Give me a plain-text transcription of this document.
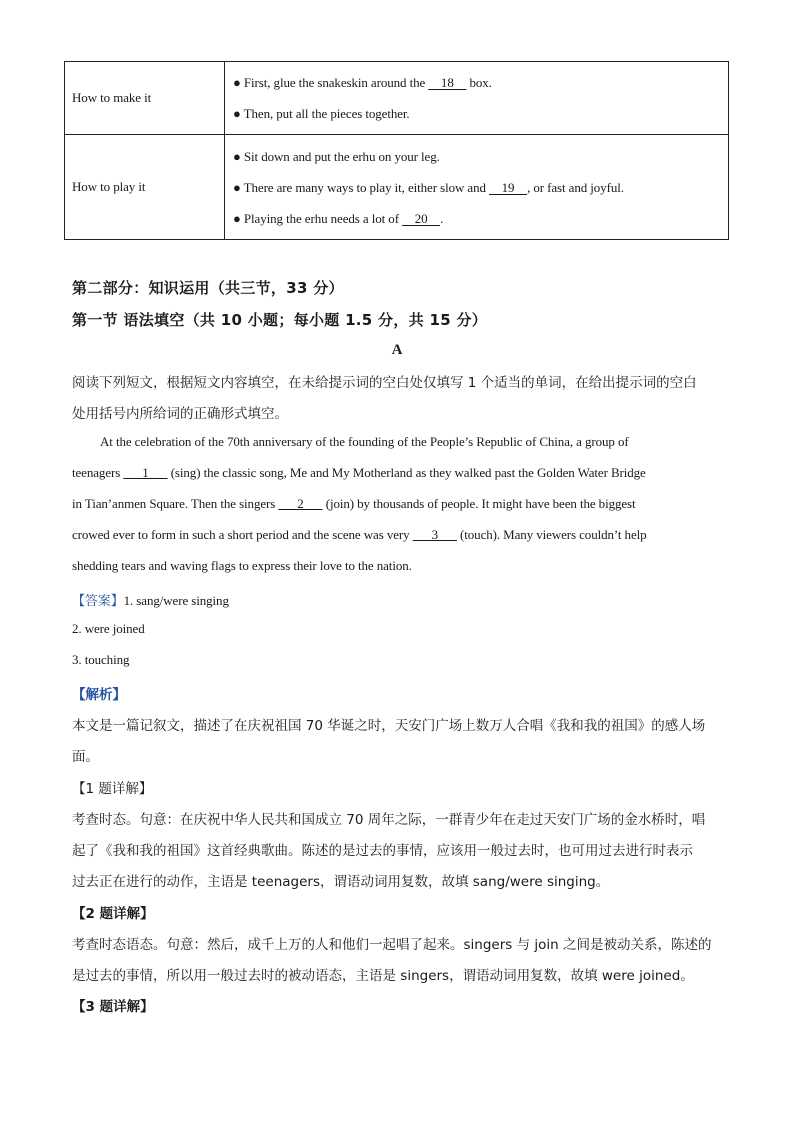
How to make it	● First, glue the snakeskin around the     18     box.
● Then, put all the pieces together.

How to play it	● Sit down and put the erhu on your leg.
● There are many ways to play it, either slow and     19    , or fast and joyful.
● Playing the erhu needs a lot of     20    .
第二部分：知识运用（共三节，33 分）
第一节 语法填空（共 10 小题；每小题 1.5 分，共 15 分）
A
阅读下列短文，根据短文内容填空，在未给提示词的空白处仅填写 1 个适当的单词，在给出提示词的空白
处用括号内所给词的正确形式填空。
At the celebration of the 70th anniversary of the founding of the People’s Republic of China, a group of
teenagers       1       (sing) the classic song, Me and My Motherland as they walked past the Golden Water Bridge
in Tian’anmen Square. Then the singers       2       (join) by thousands of people. It might have been the biggest
crowed ever to form in such a short period and the scene was very       3       (touch). Many viewers couldn’t help
shedding tears and waving flags to express their love to the nation.
【答案】1. sang/were singing
2. were joined
3. touching
【解析】
本文是一篇记叙文，描述了在庆祝祖国 70 华诞之时，天安门广场上数万人合唱《我和我的祖国》的感人场
面。
【1 题详解】
考查时态。句意：在庆祝中华人民共和国成立 70 周年之际，一群青少年在走过天安门广场的金水桥时，唱
起了《我和我的祖国》这首经典歌曲。陈述的是过去的事情，应该用一般过去时，也可用过去进行时表示
过去正在进行的动作，主语是 teenagers，谓语动词用复数，故填 sang/were singing。
【2 题详解】
考查时态语态。句意：然后，成千上万的人和他们一起唱了起来。singers 与 join 之间是被动关系，陈述的
是过去的事情，所以用一般过去时的被动语态，主语是 singers，谓语动词用复数，故填 were joined。
【3 题详解】
